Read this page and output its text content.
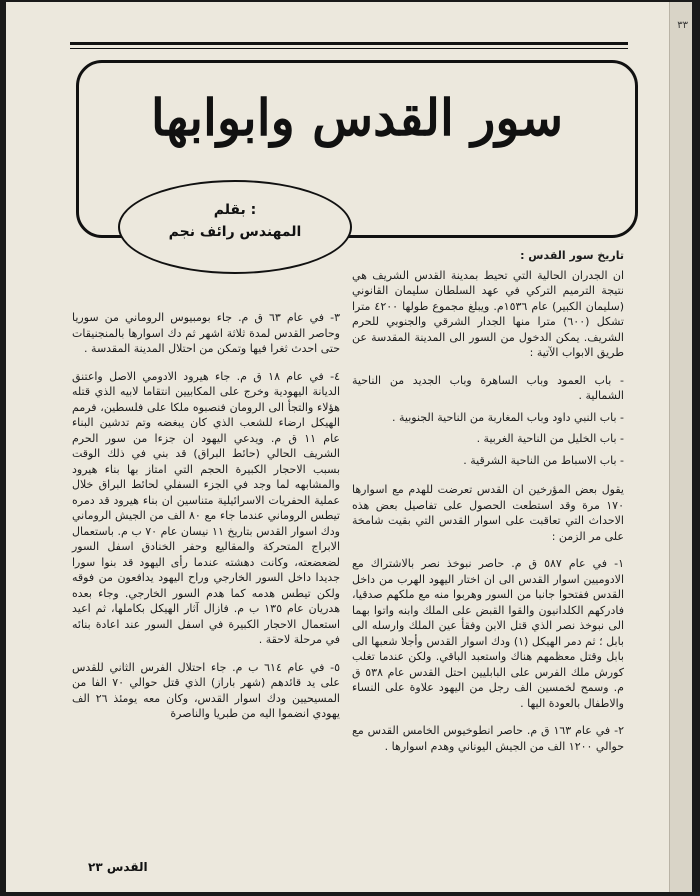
٣٣
سور القدس وابوابها
بقلم :
المهندس رائف نجم

تاريخ سور القدس :

ان الجدران الحالية التي تحيط بمدينة القدس الشريف هي نتيجة الترميم التركي في عهد السلطان سليمان القانوني (سليمان الكبير) عام ١٥٣٦م. ويبلغ مجموع طولها ٤٢٠٠ مترا تشكل (٦٠٠) مترا منها الجدار الشرقي والجنوبي للحرم الشريف. يمكن الدخول من السور الى المدينة المقدسة عن طريق الابواب الآتية :

- باب العمود وباب الساهرة وباب الجديد من الناحية الشمالية .
- باب النبي داود وباب المغاربة من الناحية الجنوبية .
- باب الخليل من الناحية الغربية .
- باب الاسباط من الناحية الشرقية .

يقول بعض المؤرخين ان القدس تعرضت للهدم مع اسوارها ١٧٠ مرة وقد استطعت الحصول على تفاصيل بعض هذه الاحداث التي تعاقبت على اسوار القدس التي بقيت شامخة على مر الزمن :

١- في عام ٥٨٧ ق م. حاصر نبوخذ نصر بالاشتراك مع الادوميين اسوار القدس الى ان اختار اليهود الهرب من داخل القدس ففتحوا جانبا من السور وهربوا منه مع ملكهم صدقيا، فادركهم الكلدانيون والقوا القبض على الملك وابنه واتوا بهما الى نبوخذ نصر الذي قتل الابن وفقأ عين الملك وارسله الى بابل ؛ ثم دمر الهيكل (١) ودك اسوار القدس وأجلا شعبها الى بابل وقتل معظمهم هناك واستعبد الباقي. ولكن عندما تغلب كورش ملك الفرس على البابليين احتل القدس عام ٥٣٨ ق م. وسمح لخمسين الف رجل من اليهود علاوة على النساء والاطفال بالعودة اليها .

٢- في عام ١٦٣ ق م. حاصر انطوخيوس الخامس القدس مع حوالي ١٢٠٠ الف من الجيش اليوناني وهدم اسوارها .

٣- في عام ٦٣ ق م. جاء بومبيوس الروماني من سوريا وحاصر القدس لمدة ثلاثة اشهر ثم دك اسوارها بالمنجنيقات حتى احدث ثغرا فيها وتمكن من احتلال المدينة المقدسة .

٤- في عام ١٨ ق م. جاء هيرود الادومي الاصل واعتنق الديانة اليهودية وخرج على المكابيين انتقاما لابيه الذي قتله هؤلاء والتجأ الى الرومان فنصبوه ملكا على فلسطين، فرمم الهيكل ارضاء للشعب الذي كان يبغضه وتم تدشين البناء عام ١١ ق م. ويدعي اليهود ان جزءا من سور الحرم الشريف الحالي (حائط البراق) قد بني في ذلك الوقت بسبب الاحجار الكبيرة الحجم التي امتاز بها بناء هيرود والمشابهه لما وجد في الجزء السفلي لحائط البراق خلال عملية الحفريات الاسرائيلية متناسين ان بناء هيرود قد دمره تيطس الروماني عندما جاء مع ٨٠ الف من الجيش الروماني ودك اسوار القدس بتاريخ ١١ نيسان عام ٧٠ ب م. باستعمال الابراج المتحركة والمقاليع وحفر الخنادق اسفل السور لضعضعته، وكانت دهشته عندما رأى اليهود قد بنوا سورا جديدا داخل السور الخارجي وراح اليهود يدافعون من فوقه ولكن تيطس هدمه كما هدم السور الخارجي. وجاء بعده هدريان عام ١٣٥ ب م. فازال آثار الهيكل بكاملها، ثم اعيد استعمال الاحجار الكبيرة في اسفل السور عند اعادة بنائه في مرحلة لاحقة .

٥- في عام ٦١٤ ب م. جاء احتلال الفرس الثاني للقدس على يد قائدهم (شهر باراز) الذي قتل حوالي ٧٠ الفا من المسيحيين ودك اسوار القدس، وكان معه يومئذ ٢٦ الف يهودي انضموا اليه من طبريا والناصرة

القدس ٢٣
